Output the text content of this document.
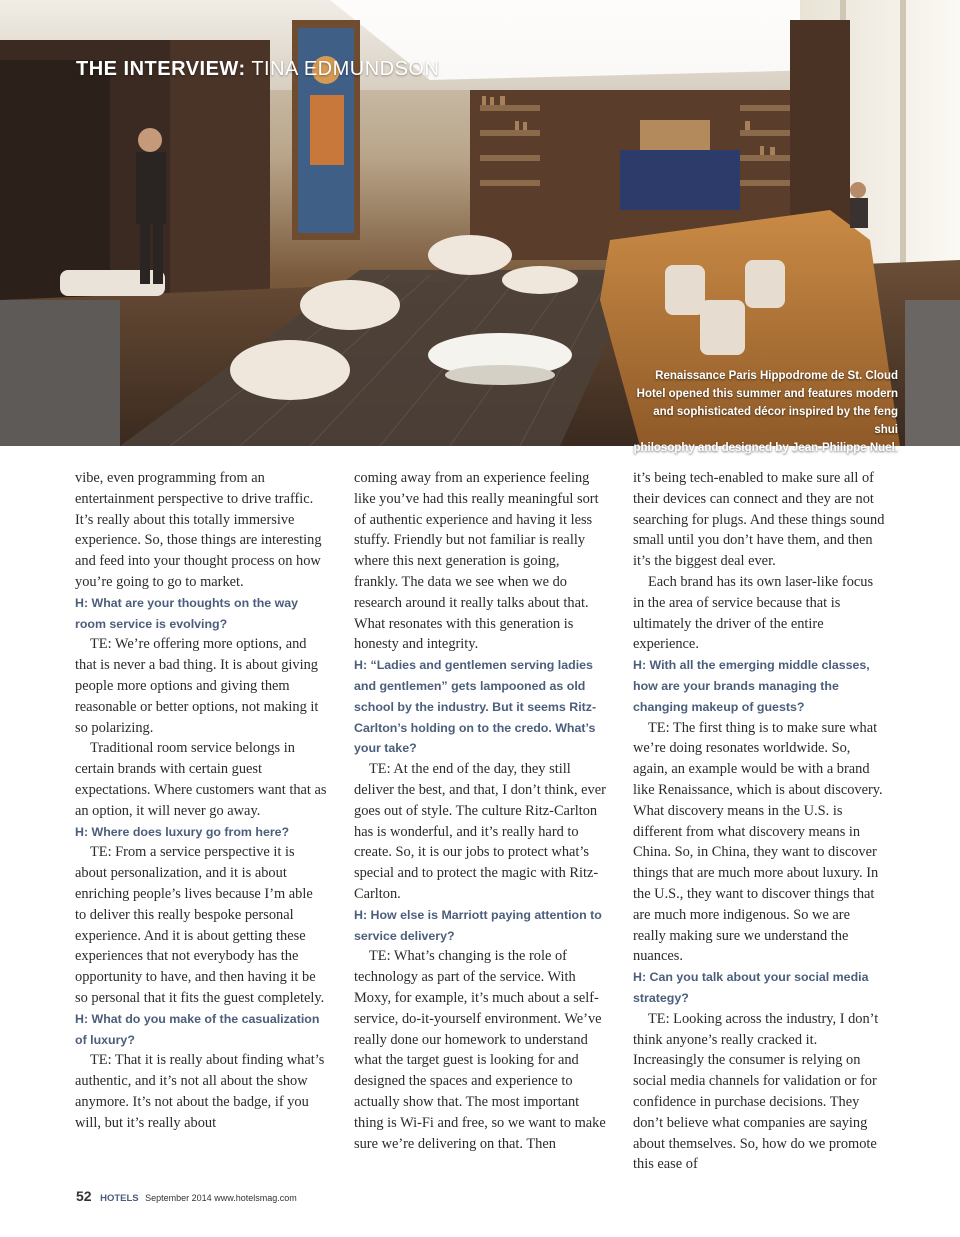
THE INTERVIEW: TINA EDMUNDSON
Renaissance Paris Hippodrome de St. Cloud
Hotel opened this summer and features modern
and sophisticated décor inspired by the feng shui
philosophy and designed by Jean-Philippe Nuel.

vibe, even programming from an entertainment perspective to drive traffic. It’s really about this totally immersive experience. So, those things are interesting and feed into your thought process on how you’re going to go to market.

H: What are your thoughts on the way room service is evolving?

TE: We’re offering more options, and that is never a bad thing. It is about giving people more options and giving them reasonable or better options, not making it so polarizing.

Traditional room service belongs in certain brands with certain guest expectations. Where customers want that as an option, it will never go away.

H: Where does luxury go from here?

TE: From a service perspective it is about personalization, and it is about enriching people’s lives because I’m able to deliver this really bespoke personal experience. And it is about getting these experiences that not everybody has the opportunity to have, and then having it be so personal that it fits the guest completely.

H: What do you make of the casualization of luxury?

TE: That it is really about finding what’s authentic, and it’s not all about the show anymore. It’s not about the badge, if you will, but it’s really about

coming away from an experience feeling like you’ve had this really meaningful sort of authentic experience and having it less stuffy. Friendly but not familiar is really where this next generation is going, frankly. The data we see when we do research around it really talks about that. What resonates with this generation is honesty and integrity.

H: “Ladies and gentlemen serving ladies and gentlemen” gets lampooned as old school by the industry. But it seems Ritz-Carlton’s holding on to the credo. What’s your take?

TE: At the end of the day, they still deliver the best, and that, I don’t think, ever goes out of style. The culture Ritz-Carlton has is wonderful, and it’s really hard to create. So, it is our jobs to protect what’s special and to protect the magic with Ritz-Carlton.

H: How else is Marriott paying attention to service delivery?

TE: What’s changing is the role of technology as part of the service. With Moxy, for example, it’s much about a self-service, do-it-yourself environment. We’ve really done our homework to understand what the target guest is looking for and designed the spaces and experience to actually show that. The most important thing is Wi-Fi and free, so we want to make sure we’re delivering on that. Then

it’s being tech-enabled to make sure all of their devices can connect and they are not searching for plugs. And these things sound small until you don’t have them, and then it’s the biggest deal ever.

Each brand has its own laser-like focus in the area of service because that is ultimately the driver of the entire experience.

H: With all the emerging middle classes, how are your brands managing the changing makeup of guests?

TE: The first thing is to make sure what we’re doing resonates worldwide. So, again, an example would be with a brand like Renaissance, which is about discovery. What discovery means in the U.S. is different from what discovery means in China. So, in China, they want to discover things that are much more about luxury. In the U.S., they want to discover things that are much more indigenous. So we are really making sure we understand the nuances.

H: Can you talk about your social media strategy?

TE: Looking across the industry, I don’t think anyone’s really cracked it. Increasingly the consumer is relying on social media channels for validation or for confidence in purchase decisions. They don’t believe what companies are saying about themselves. So, how do we promote this ease of

52 HOTELS September 2014 www.hotelsmag.com
